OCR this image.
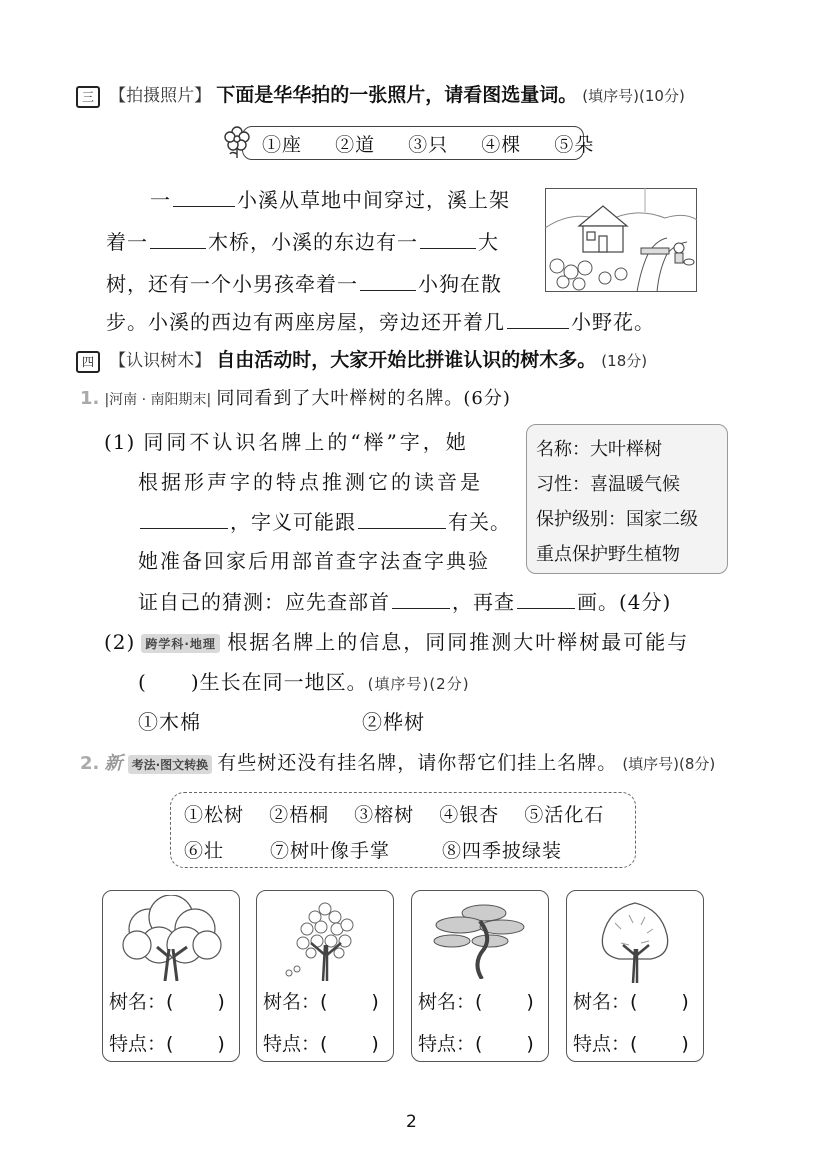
三 【拍摄照片】 下面是华华拍的一张照片，请看图选量词。 (填序号)(10分)
①座 ②道 ③只 ④棵 ⑤朵
一	小溪从草地中间穿过，溪上架
着一	木桥，小溪的东边有一	大
树，还有一个小男孩牵着一	小狗在散
步。小溪的西边有两座房屋，旁边还开着几	小野花。
四 【认识树木】 自由活动时，大家开始比拼谁认识的树木多。 (18分)
1. |河南 · 南阳期末| 同同看到了大叶榉树的名牌。(6分)
(1) 同同不认识名牌上的“榉”字，她
根据形声字的特点推测它的读音是
，字义可能跟	有关。
她准备回家后用部首查字法查字典验
证自己的猜测：应先查部首	，再查	画。(4分)
名称：大叶榉树
习性：喜温暖气候
保护级别：国家二级
重点保护野生植物
(2) 跨学科·地理 根据名牌上的信息，同同推测大叶榉树最可能与
( )生长在同一地区。(填序号)(2分)
①木棉	②桦树
2. 新 考法·图文转换 有些树还没有挂名牌，请你帮它们挂上名牌。 (填序号)(8分)
①松树 ②梧桐 ③榕树 ④银杏 ⑤活化石
⑥壮 ⑦树叶像手掌	⑧四季披绿装
树名：( )
特点：( )
树名：( )
特点：( )
树名：( )
特点：( )
树名：( )
特点：( )
2
